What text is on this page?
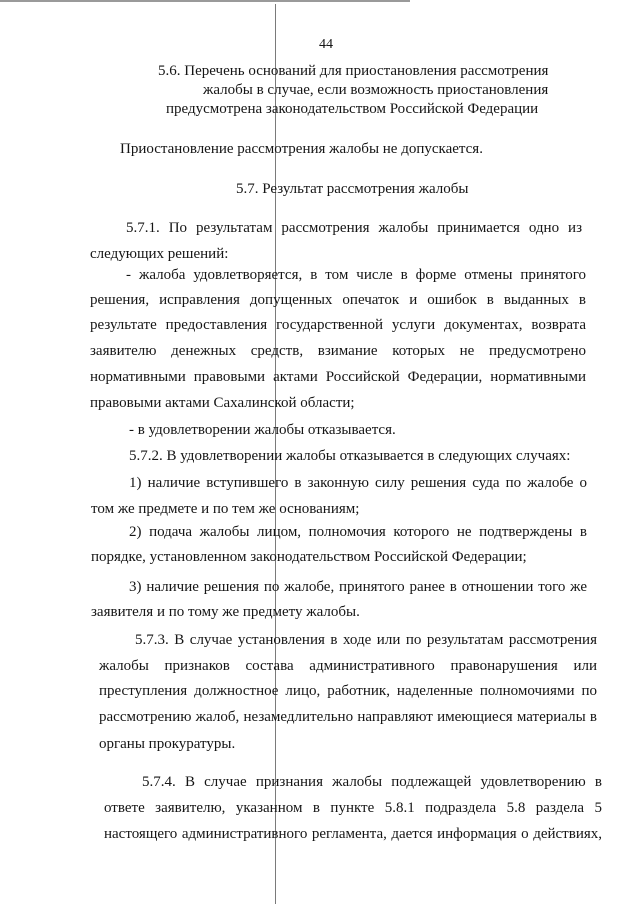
44
5.6. Перечень оснований для приостановления рассмотрения
жалобы в случае, если возможность приостановления
предусмотрена законодательством Российской Федерации
Приостановление рассмотрения жалобы не допускается.
5.7. Результат рассмотрения жалобы
5.7.1. По результатам рассмотрения жалобы принимается одно из
следующих решений:
- жалоба удовлетворяется, в том числе в форме отмены принятого
решения, исправления допущенных опечаток и ошибок в выданных в
результате предоставления государственной услуги документах, возврата
заявителю денежных средств, взимание которых не предусмотрено
нормативными правовыми актами Российской Федерации, нормативными
правовыми актами Сахалинской области;
- в удовлетворении жалобы отказывается.
5.7.2. В удовлетворении жалобы отказывается в следующих случаях:
1) наличие вступившего в законную силу решения суда по жалобе о
том же предмете и по тем же основаниям;
2) подача жалобы лицом, полномочия которого не подтверждены в
порядке, установленном законодательством Российской Федерации;
3) наличие решения по жалобе, принятого ранее в отношении того же
заявителя и по тому же предмету жалобы.
5.7.3. В случае установления в ходе или по результатам рассмотрения
жалобы признаков состава административного правонарушения или
преступления должностное лицо, работник, наделенные полномочиями по
рассмотрению жалоб, незамедлительно направляют имеющиеся материалы в
органы прокуратуры.
5.7.4. В случае признания жалобы подлежащей удовлетворению в
ответе заявителю, указанном в пункте 5.8.1 подраздела 5.8 раздела 5
настоящего административного регламента, дается информация о действиях,
